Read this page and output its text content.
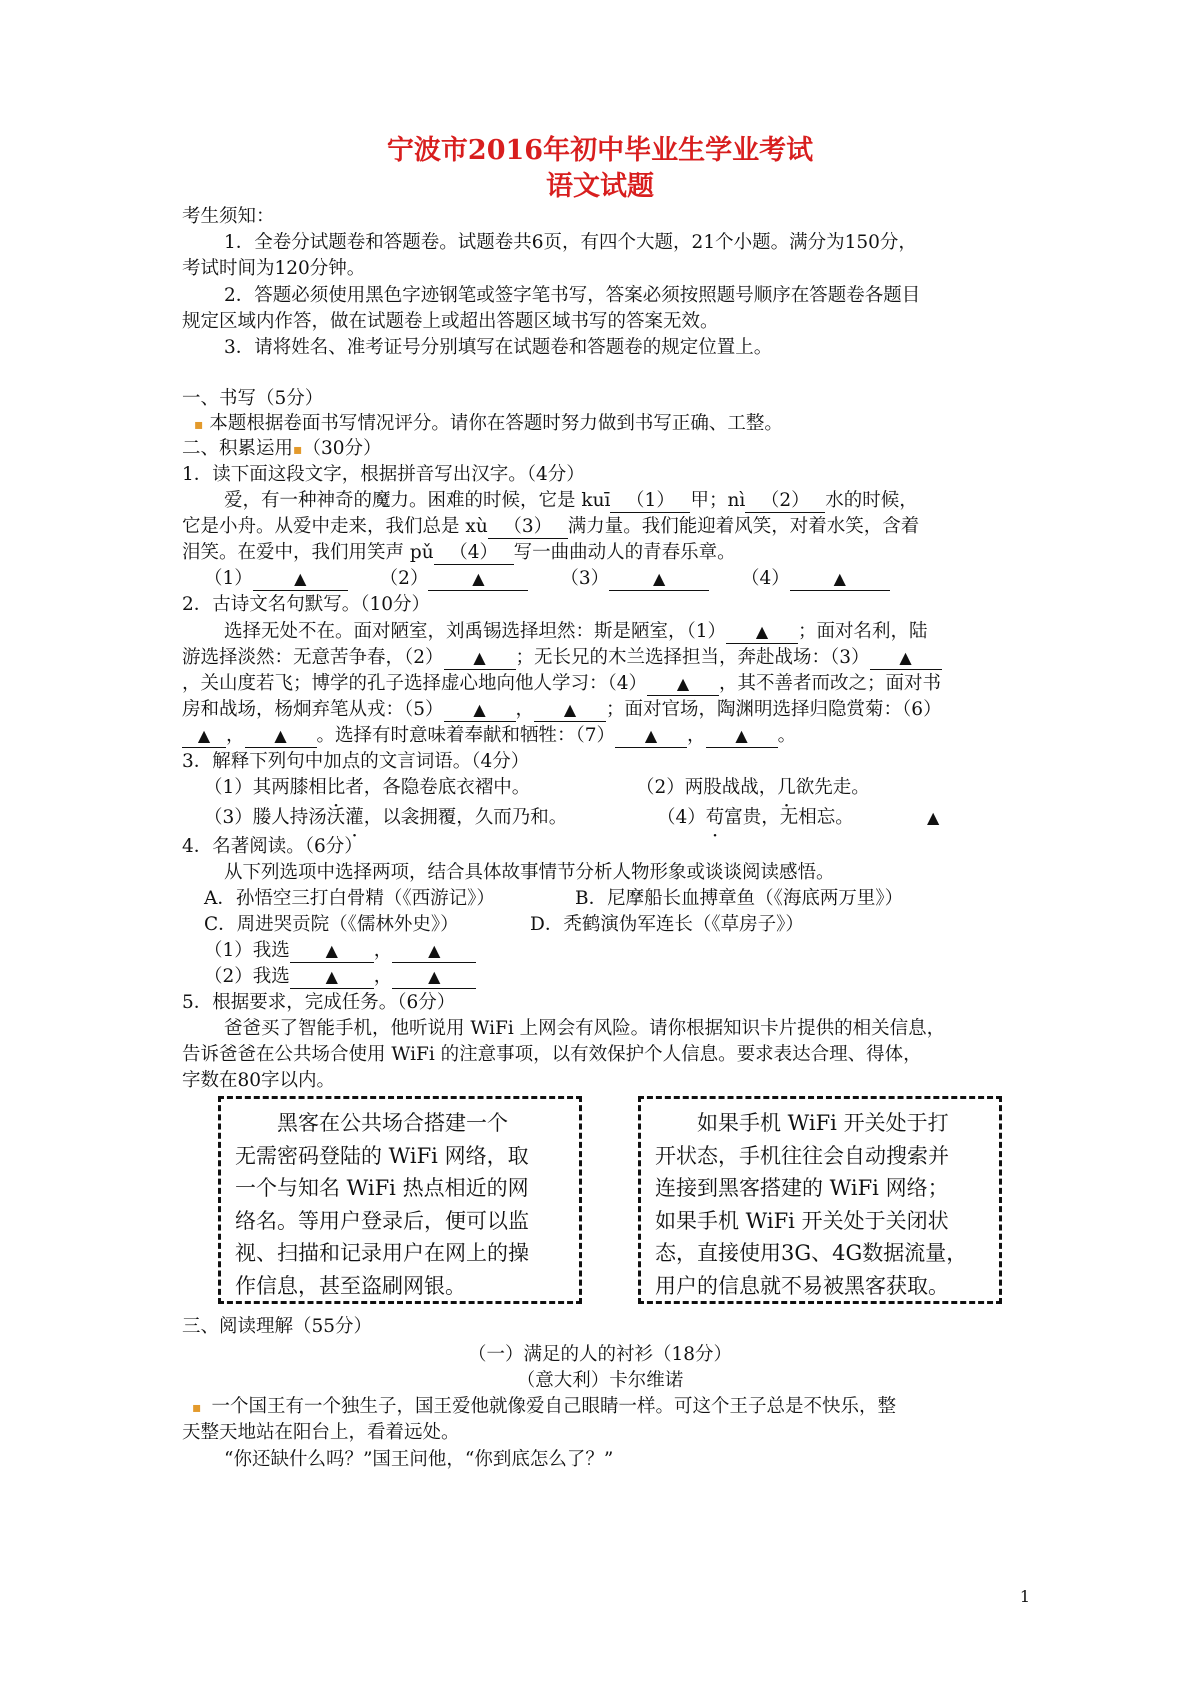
宁波市2016年初中毕业生学业考试
语文试题
考生须知：
1．全卷分试题卷和答题卷。试题卷共6页，有四个大题，21个小题。满分为150分，
考试时间为120分钟。
2．答题必须使用黑色字迹钢笔或签字笔书写，答案必须按照题号顺序在答题卷各题目
规定区域内作答，做在试题卷上或超出答题区域书写的答案无效。
3．请将姓名、准考证号分别填写在试题卷和答题卷的规定位置上。
一、书写（5分）
▪ 本题根据卷面书写情况评分。请你在答题时努力做到书写正确、工整。
二、积累运用▪（30分）
1．读下面这段文字，根据拼音写出汉字。（4分）
爱，有一种神奇的魔力。困难的时候，它是 kuī （1） 甲；nì （2） 水的时候，
它是小舟。从爱中走来，我们总是 xù （3） 满力量。我们能迎着风笑，对着水笑，含着
泪笑。在爱中，我们用笑声 pǔ （4） 写一曲曲动人的青春乐章。
（1）	▲	（2）	▲	（3）	▲	（4）	▲
2．古诗文名句默写。（10分）
选择无处不在。面对陋室，刘禹锡选择坦然：斯是陋室，（1） ▲ ；面对名利，陆
游选择淡然：无意苦争春，（2） ▲ ；无长兄的木兰选择担当，奔赴战场：（3） ▲
，关山度若飞；博学的孔子选择虚心地向他人学习：（4） ▲ ，其不善者而改之；面对书
房和战场，杨炯弃笔从戎：（5） ▲ ， ▲ ；面对官场，陶渊明选择归隐赏菊：（6）
▲ ， ▲ 。选择有时意味着奉献和牺牲：（7） ▲ ， ▲ 。
3．解释下列句中加点的文言词语。（4分）
（1）其两膝相比者，各隐卷底衣褶中。	（2）两股战战，几欲先走。
（3）媵人持汤沃灌，以衾拥覆，久而乃和。	（4）苟富贵，无相忘。	▲
4．名著阅读。（6分）
从下列选项中选择两项，结合具体故事情节分析人物形象或谈谈阅读感悟。
A．孙悟空三打白骨精（《西游记》）	B．尼摩船长血搏章鱼（《海底两万里》）
C．周进哭贡院（《儒林外史》）	D．秃鹤演伪军连长（《草房子》）
（1）我选 ▲ ， ▲
（2）我选 ▲ ， ▲
5．根据要求，完成任务。（6分）
爸爸买了智能手机，他听说用 WiFi 上网会有风险。请你根据知识卡片提供的相关信息，
告诉爸爸在公共场合使用 WiFi 的注意事项，以有效保护个人信息。要求表达合理、得体，
字数在80字以内。

　　黑客在公共场合搭建一个

无需密码登陆的 WiFi 网络，取

一个与知名 WiFi 热点相近的网

络名。等用户登录后，便可以监

视、扫描和记录用户在网上的操

作信息，甚至盗刷网银。

　　如果手机 WiFi 开关处于打

开状态，手机往往会自动搜索并

连接到黑客搭建的 WiFi 网络；

如果手机 WiFi 开关处于关闭状

态，直接使用3G、4G数据流量，

用户的信息就不易被黑客获取。

三、阅读理解（55分）
（一）满足的人的衬衫（18分）
（意大利）卡尔维诺
▪ 一个国王有一个独生子，国王爱他就像爱自己眼睛一样。可这个王子总是不快乐，整
天整天地站在阳台上，看着远处。
“你还缺什么吗？”国王问他，“你到底怎么了？”
1
